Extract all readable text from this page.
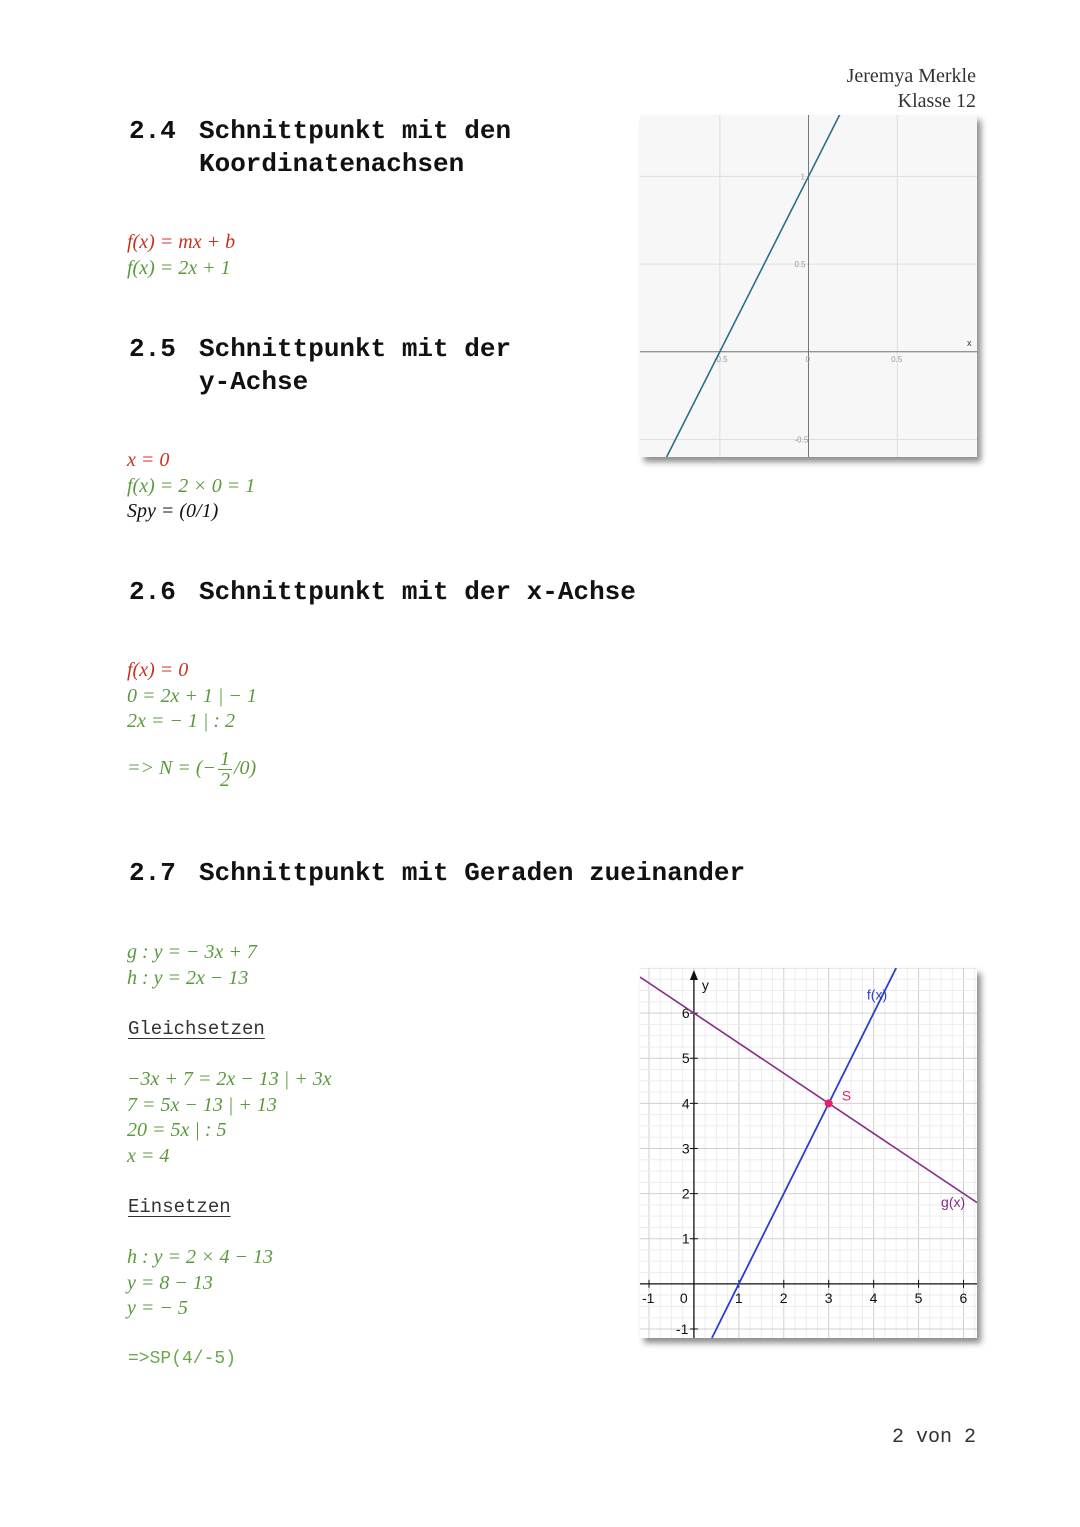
Jeremya Merkle
Klasse 12
2.4 Schnittpunkt mit den
Koordinatenachsen
f(x) = mx + b
f(x) = 2x + 1
2.5 Schnittpunkt mit der
y-Achse
x = 0
f(x) = 2 × 0 = 1
Spy = (0/1)
2.6 Schnittpunkt mit der x-Achse
f(x) = 0
0 = 2x + 1 | − 1
2x = − 1 | : 2
=> N = (− $\frac{1}{2} /0$)
2.7 Schnittpunkt mit Geraden zueinander
g : y = − 3x + 7
h : y = 2x − 13
Gleichsetzen
−3x + 7 = 2x − 13 | + 3x
7 = 5x − 13 | + 13
20 = 5x | : 5
x = 4
Einsetzen
h : y = 2 × 4 − 13
y = 8 − 13
y = − 5
=>SP(4/-5)
-0.5	0	0.5
1
0.5
-0.5
x
y
-1 0	1	2	3	4	5	6
-1
1
2
3
4
5
6
f(x)
g(x)
S
2 von 2
